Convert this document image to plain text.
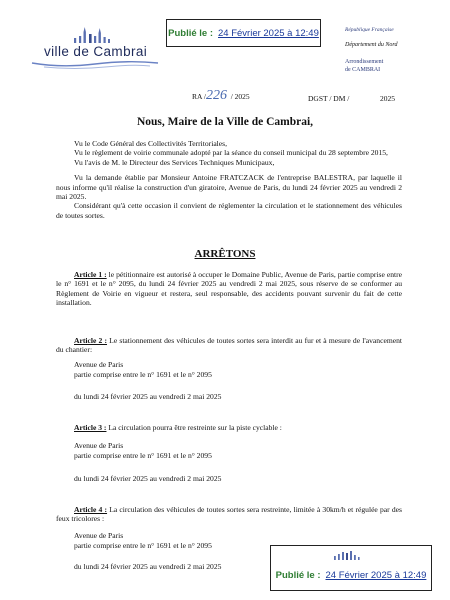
Publié le : 24 Février 2025 à 12:49
ville de Cambrai
République Française
Département du Nord
Arrondissement
de CAMBRAI
RA /226 / 2025	DGST / DM /	2025
Nous, Maire de la Ville de Cambrai,

Vu le Code Général des Collectivités Territoriales,

Vu le règlement de voirie communale adopté par la séance du conseil municipal du 28 septembre 2015,

Vu l'avis de M. le Directeur des Services Techniques Municipaux,

Vu la demande établie par Monsieur Antoine FRATCZACK de l'entreprise BALESTRA, par laquelle il nous informe qu'il réalise la construction d'un giratoire, Avenue de Paris, du lundi 24 février 2025 au vendredi 2 mai 2025.

Considérant qu'à cette occasion il convient de réglementer la circulation et le stationnement des véhicules de toutes sortes.

ARRÊTONS
Article 1 : le pétitionnaire est autorisé à occuper le Domaine Public, Avenue de Paris, partie comprise entre le n° 1691 et le n° 2095, du lundi 24 février 2025 au vendredi 2 mai 2025, sous réserve de se conformer au Règlement de Voirie en vigueur et restera, seul responsable, des accidents pouvant survenir du fait de cette installation.
Article 2 : Le stationnement des véhicules de toutes sortes sera interdit au fur et à mesure de l'avancement du chantier:
Avenue de Paris
partie comprise entre le n° 1691 et le n° 2095
du lundi 24 février 2025 au vendredi 2 mai 2025
Article 3 : La circulation pourra être restreinte sur la piste cyclable :
Avenue de Paris
partie comprise entre le n° 1691 et le n° 2095
du lundi 24 février 2025 au vendredi 2 mai 2025
Article 4 : La circulation des véhicules de toutes sortes sera restreinte, limitée à 30km/h et régulée par des feux tricolores :
Avenue de Paris
partie comprise entre le n° 1691 et le n° 2095
du lundi 24 février 2025 au vendredi 2 mai 2025
Publié le : 24 Février 2025 à 12:49
